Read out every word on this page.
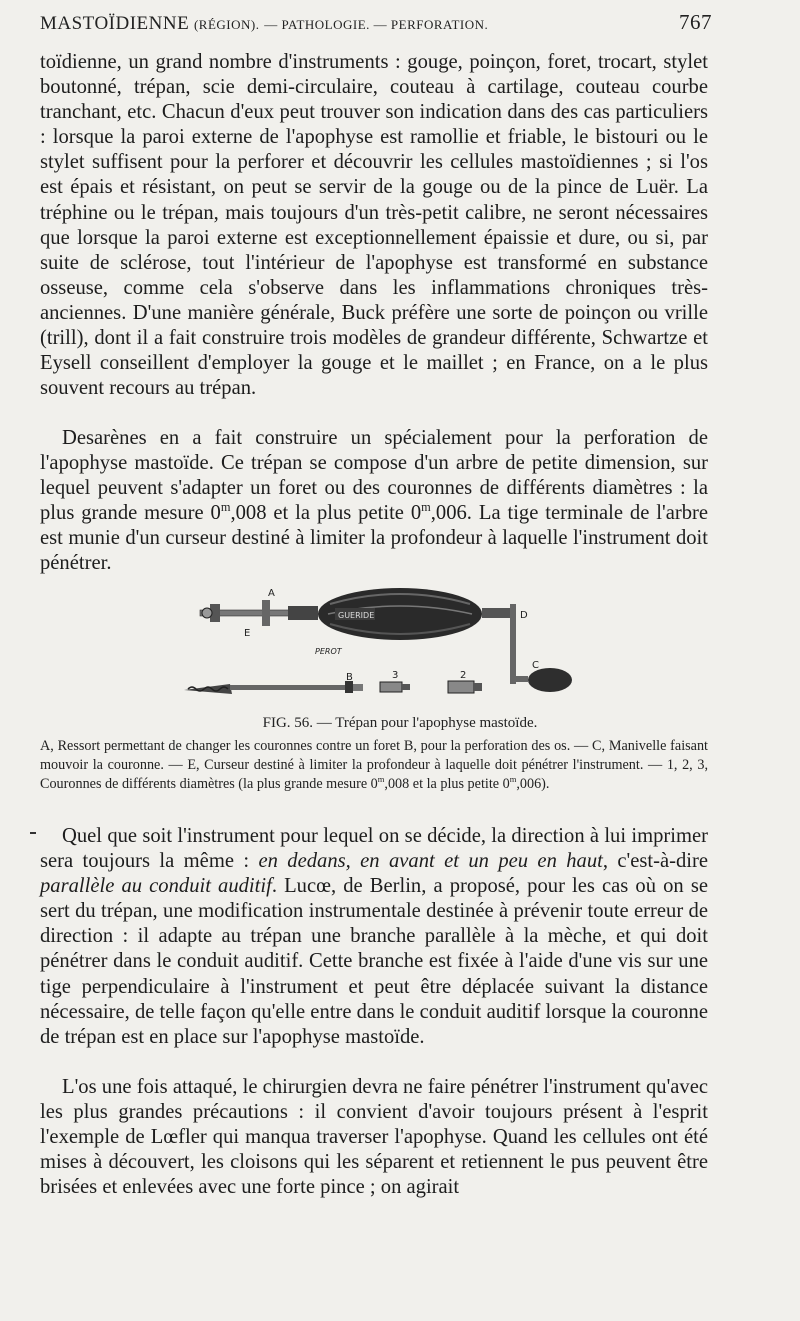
MASTOÏDIENNE (RÉGION). — PATHOLOGIE. — PERFORATION.	767

toïdienne, un grand nombre d'instruments : gouge, poinçon, foret, trocart, stylet boutonné, trépan, scie demi-circulaire, couteau à cartilage, couteau courbe tranchant, etc. Chacun d'eux peut trouver son indication dans des cas particuliers : lorsque la paroi externe de l'apophyse est ramollie et friable, le bistouri ou le stylet suffisent pour la perforer et découvrir les cellules mastoïdiennes ; si l'os est épais et résistant, on peut se servir de la gouge ou de la pince de Luër. La tréphine ou le trépan, mais toujours d'un très-petit calibre, ne seront nécessaires que lorsque la paroi externe est exceptionnellement épaissie et dure, ou si, par suite de sclérose, tout l'intérieur de l'apophyse est transformé en substance osseuse, comme cela s'observe dans les inflammations chroniques très-anciennes. D'une manière générale, Buck préfère une sorte de poinçon ou vrille (trill), dont il a fait construire trois modèles de grandeur différente, Schwartze et Eysell conseillent d'employer la gouge et le maillet ; en France, on a le plus souvent recours au trépan.

Desarènes en a fait construire un spécialement pour la perforation de l'apophyse mastoïde. Ce trépan se compose d'un arbre de petite dimension, sur lequel peuvent s'adapter un foret ou des couronnes de différents diamètres : la plus grande mesure 0$^m$,008 et la plus petite 0$^m$,006. La tige terminale de l'arbre est munie d'un curseur destiné à limiter la profondeur à laquelle l'instrument doit pénétrer.

GUERIDE
A
E
B	3	2
C
D
PEROT
FIG. 56. — Trépan pour l'apophyse mastoïde.
A, Ressort permettant de changer les couronnes contre un foret B, pour la perforation des os. — C, Manivelle faisant mouvoir la couronne. — E, Curseur destiné à limiter la profondeur à laquelle doit pénétrer l'instrument. — 1, 2, 3, Couronnes de différents diamètres (la plus grande mesure 0$^m$,008 et la plus petite 0$^m$,006).

Quel que soit l'instrument pour lequel on se décide, la direction à lui imprimer sera toujours la même : en dedans, en avant et un peu en haut, c'est-à-dire parallèle au conduit auditif. Lucœ, de Berlin, a proposé, pour les cas où on se sert du trépan, une modification instrumentale destinée à prévenir toute erreur de direction : il adapte au trépan une branche parallèle à la mèche, et qui doit pénétrer dans le conduit auditif. Cette branche est fixée à l'aide d'une vis sur une tige perpendiculaire à l'instrument et peut être déplacée suivant la distance nécessaire, de telle façon qu'elle entre dans le conduit auditif lorsque la couronne de trépan est en place sur l'apophyse mastoïde.

L'os une fois attaqué, le chirurgien devra ne faire pénétrer l'instrument qu'avec les plus grandes précautions : il convient d'avoir toujours présent à l'esprit l'exemple de Lœfler qui manqua traverser l'apophyse. Quand les cellules ont été mises à découvert, les cloisons qui les séparent et retiennent le pus peuvent être brisées et enlevées avec une forte pince ; on agirait
